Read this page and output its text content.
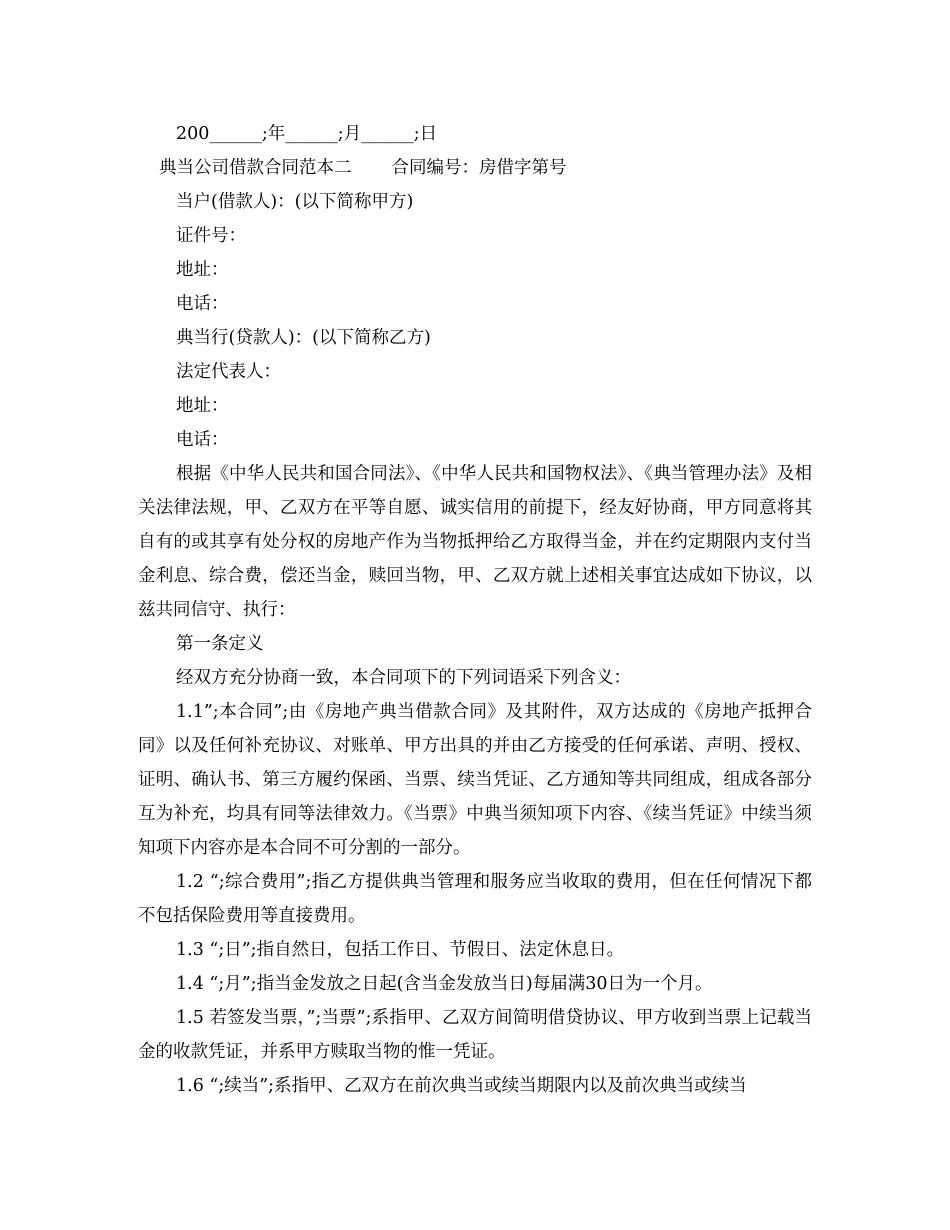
200______;年______;月______;日

典当公司借款合同范本二 合同编号：房借字第号

当户(借款人)：(以下简称甲方)

证件号：

地址：

电话：

典当行(贷款人)：(以下简称乙方)

法定代表人：

地址：

电话：

根据《中华人民共和国合同法》、《中华人民共和国物权法》、《典当管理办法》及相关法律法规，甲、乙双方在平等自愿、诚实信用的前提下，经友好协商，甲方同意将其自有的或其享有处分权的房地产作为当物抵押给乙方取得当金，并在约定期限内支付当金利息、综合费，偿还当金，赎回当物，甲、乙双方就上述相关事宜达成如下协议，以兹共同信守、执行：

第一条定义

经双方充分协商一致，本合同项下的下列词语采下列含义：

1.1”;本合同”;由《房地产典当借款合同》及其附件，双方达成的《房地产抵押合同》以及任何补充协议、对账单、甲方出具的并由乙方接受的任何承诺、声明、授权、证明、确认书、第三方履约保函、当票、续当凭证、乙方通知等共同组成，组成各部分互为补充，均具有同等法律效力。《当票》中典当须知项下内容、《续当凭证》中续当须知项下内容亦是本合同不可分割的一部分。

1.2 “;综合费用”;指乙方提供典当管理和服务应当收取的费用，但在任何情况下都不包括保险费用等直接费用。

1.3 “;日”;指自然日，包括工作日、节假日、法定休息日。

1.4 “;月”;指当金发放之日起(含当金发放当日)每届满30日为一个月。

1.5 若签发当票，”;当票”;系指甲、乙双方间简明借贷协议、甲方收到当票上记载当金的收款凭证，并系甲方赎取当物的惟一凭证。

1.6 “;续当”;系指甲、乙双方在前次典当或续当期限内以及前次典当或续当
